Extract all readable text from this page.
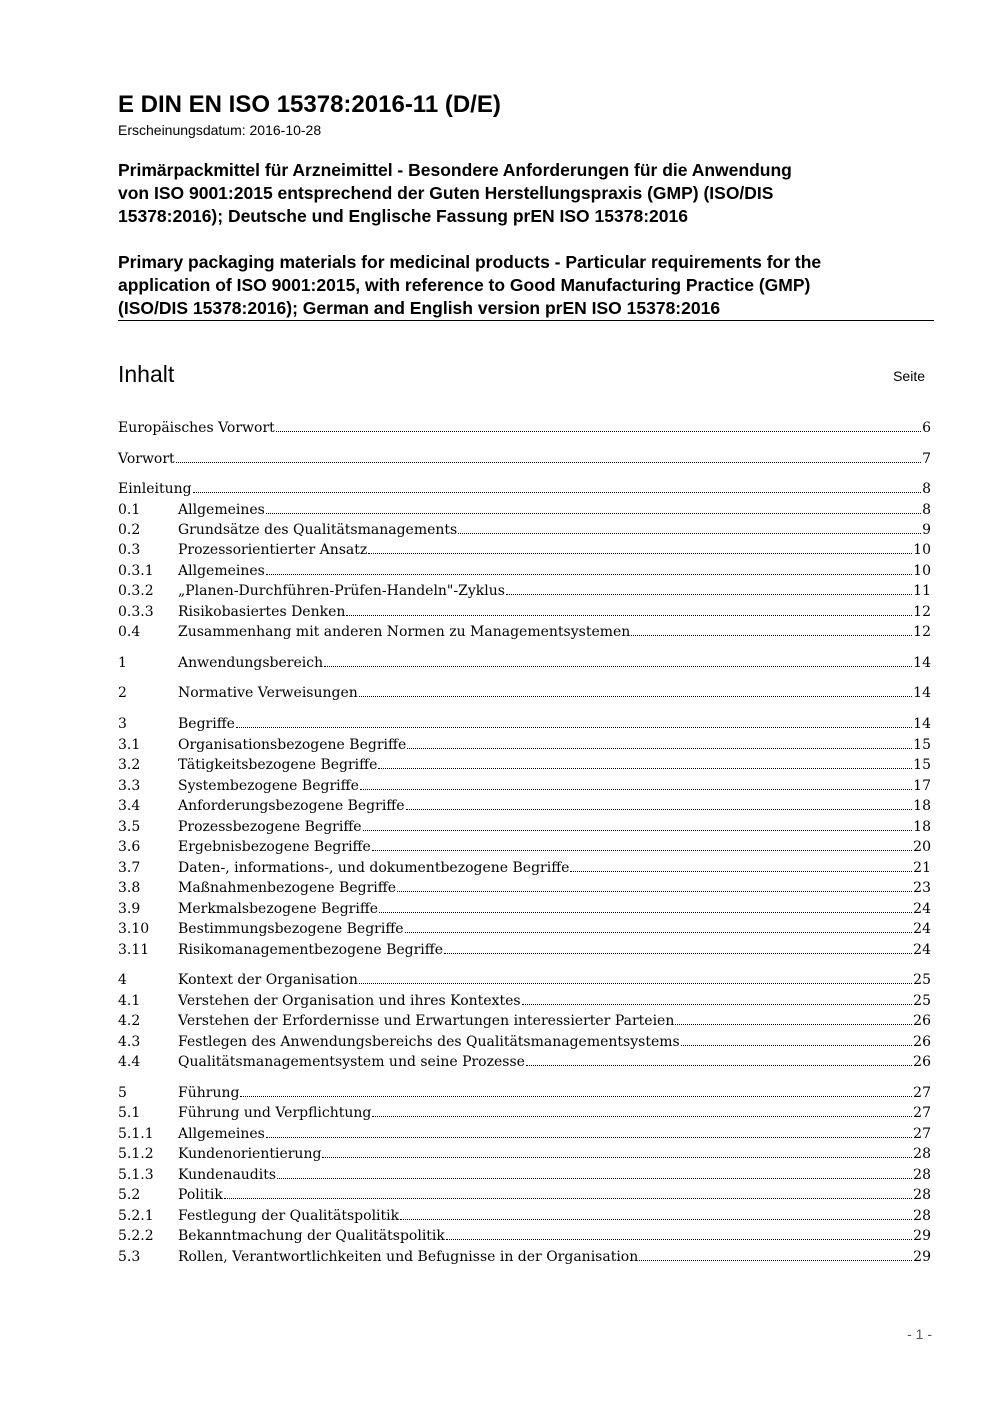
E DIN EN ISO 15378:2016-11 (D/E)
Erscheinungsdatum: 2016-10-28
Primärpackmittel für Arzneimittel - Besondere Anforderungen für die Anwendung
von ISO 9001:2015 entsprechend der Guten Herstellungspraxis (GMP) (ISO/DIS
15378:2016); Deutsche und Englische Fassung prEN ISO 15378:2016
Primary packaging materials for medicinal products - Particular requirements for the
application of ISO 9001:2015, with reference to Good Manufacturing Practice (GMP)
(ISO/DIS 15378:2016); German and English version prEN ISO 15378:2016
Inhalt	Seite
Europäisches Vorwort	6
Vorwort	7
Einleitung	8
0.1	Allgemeines	8
0.2	Grundsätze des Qualitätsmanagements	9
0.3	Prozessorientierter Ansatz	10
0.3.1	Allgemeines	10
0.3.2	„Planen-Durchführen-Prüfen-Handeln"-Zyklus	11
0.3.3	Risikobasiertes Denken	12
0.4	Zusammenhang mit anderen Normen zu Managementsystemen	12
1	Anwendungsbereich	14
2	Normative Verweisungen	14
3	Begriffe	14
3.1	Organisationsbezogene Begriffe	15
3.2	Tätigkeitsbezogene Begriffe	15
3.3	Systembezogene Begriffe	17
3.4	Anforderungsbezogene Begriffe	18
3.5	Prozessbezogene Begriffe	18
3.6	Ergebnisbezogene Begriffe	20
3.7	Daten-, informations-, und dokumentbezogene Begriffe	21
3.8	Maßnahmenbezogene Begriffe	23
3.9	Merkmalsbezogene Begriffe	24
3.10	Bestimmungsbezogene Begriffe	24
3.11	Risikomanagementbezogene Begriffe	24
4	Kontext der Organisation	25
4.1	Verstehen der Organisation und ihres Kontextes	25
4.2	Verstehen der Erfordernisse und Erwartungen interessierter Parteien	26
4.3	Festlegen des Anwendungsbereichs des Qualitätsmanagementsystems	26
4.4	Qualitätsmanagementsystem und seine Prozesse	26
5	Führung	27
5.1	Führung und Verpflichtung	27
5.1.1	Allgemeines	27
5.1.2	Kundenorientierung	28
5.1.3	Kundenaudits	28
5.2	Politik	28
5.2.1	Festlegung der Qualitätspolitik	28
5.2.2	Bekanntmachung der Qualitätspolitik	29
5.3	Rollen, Verantwortlichkeiten und Befugnisse in der Organisation	29
- 1 -
